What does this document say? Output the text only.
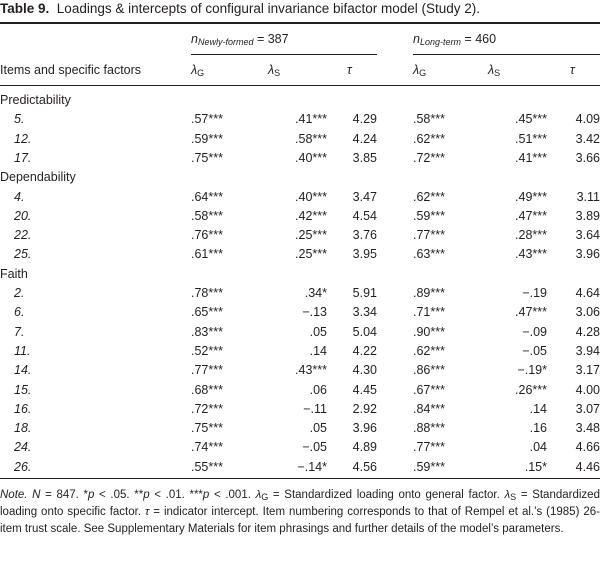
Table 9. Loadings & intercepts of configural invariance bifactor model (Study 2).
$n_{Newly-formed} = 387$	$n_{Long-term} = 460$
Items and specific factors	$\lambda_G$	$\lambda_S$	τ	$\lambda_G$	$\lambda_S$	τ
Predictability
5.	.57***	.41*** 4.29	.58***	.45*** 4.09
12.	.59***	.58*** 4.24	.62***	.51*** 3.42
17.	.75***	.40*** 3.85	.72***	.41*** 3.66
Dependability
4.	.64***	.40*** 3.47	.62***	.49*** 3.11
20.	.58***	.42*** 4.54	.59***	.47*** 3.89
22.	.76***	.25*** 3.76	.77***	.28*** 3.64
25.	.61***	.25*** 3.95	.63***	.43*** 3.96
Faith
2.	.78***	.34* 5.91	.89***	−.19 4.64
6.	.65***	−.13 3.34	.71***	.47*** 3.06
7.	.83***	.05 5.04	.90***	−.09 4.28
11.	.52***	.14 4.22	.62***	−.05 3.94
14.	.77***	.43*** 4.30	.86***	−.19* 3.17
15.	.68***	.06 4.45	.67***	.26*** 4.00
16.	.72***	−.11 2.92	.84***	.14 3.07
18.	.75***	.05 3.96	.88***	.16 3.48
24.	.74***	−.05 4.89	.77***	.04 4.66
26.	.55***	−.14* 4.56	.59***	.15* 4.46
Note. N = 847. *p < .05. **p < .01. ***p < .001. $\lambda_G$ = Standardized loading onto general factor. $\lambda_S$ = Standardized loading onto specific factor. τ = indicator intercept. Item numbering corresponds to that of Rempel et al.’s (1985) 26-item trust scale. See Supplementary Materials for item phrasings and further details of the model’s parameters.
